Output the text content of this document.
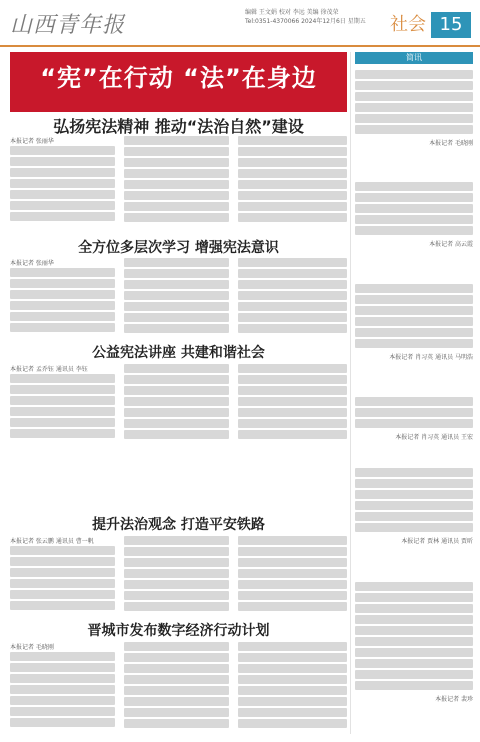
山西青年报
编辑 王文娟 校对 李远 美编 徐茂荣
Tel:0351-4370066 2024年12月6日 星期五 社会 15
“宪”在行动 “法”在身边
弘扬宪法精神 推动“法治自然”建设
本报记者 张丽华
全方位多层次学习 增强宪法意识
本报记者 张丽华
公益宪法讲座 共建和谐社会
本报记者 孟乔钰 通讯员 李钰
提升法治观念 打造平安铁路
本报记者 张云鹏 通讯员 曹一帆
晋城市发布数字经济行动计划
本报记者 毛晓刚
简讯
本报记者 毛晓刚
本报记者 高云霞
本报记者 肖习英 通讯员 马明浩
本报记者 肖习英 通讯员 王宏
本报记者 贾林 通讯员 贾昕
本报记者 裴珍
